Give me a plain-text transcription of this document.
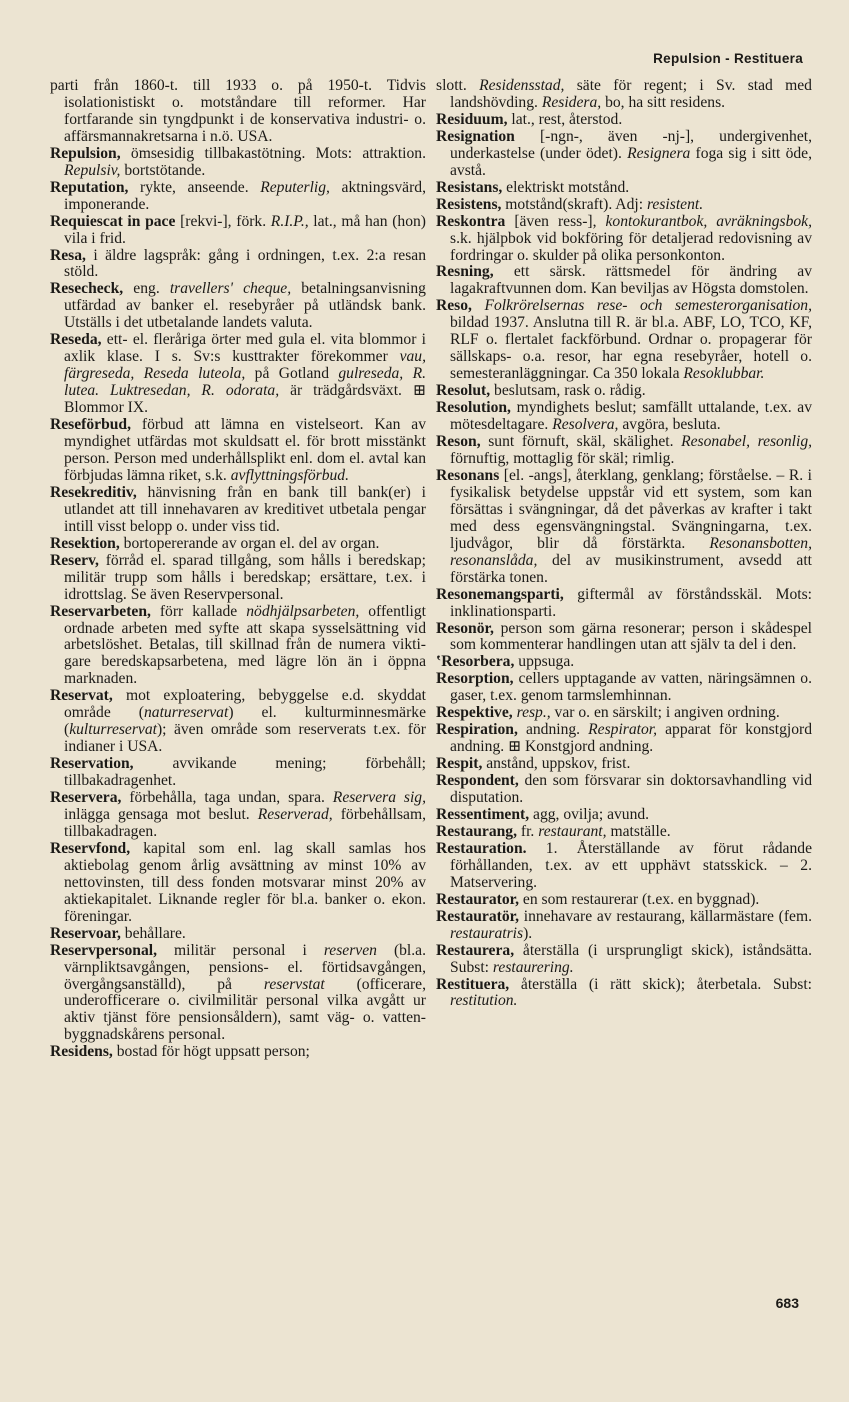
Repulsion - Restituera

parti från 1860-t. till 1933 o. på 1950-t. Tidvis isolationistiskt o. motståndare till reformer. Har fortfarande sin tyngdpunkt i de konservativa industri- o. affärsmannakretsarna i n.ö. USA.

Repulsion, ömsesidig tillbakastötning. Mots: attraktion. Repulsiv, bortstötande.

Reputation, rykte, anseende. Reputerlig, aktningsvärd, imponerande.

Requiescat in pace [rekvi-], förk. R.I.P., lat., må han (hon) vila i frid.

Resa, i äldre lagspråk: gång i ordningen, t.ex. 2:a resan stöld.

Resecheck, eng. travellers' cheque, betalningsanvisning utfärdad av banker el. resebyråer på utländsk bank. Utställs i det utbetalande landets valuta.

Reseda, ett- el. fleråriga örter med gula el. vita blommor i axlik klase. I s. Sv:s kusttrakter förekommer vau, färgreseda, Reseda luteola, på Gotland gulreseda, R. lutea. Luktresedan, R. odorata, är trädgårdsväxt. ⊞ Blommor IX.

Reseförbud, förbud att lämna en vistelseort. Kan av myndighet utfärdas mot skuldsatt el. för brott misstänkt person. Person med underhållsplikt enl. dom el. avtal kan förbjudas lämna riket, s.k. avflyttningsförbud.

Resekreditiv, hänvisning från en bank till bank(er) i utlandet att till innehavaren av kreditivet utbetala pengar intill visst belopp o. under viss tid.

Resektion, bortopererande av organ el. del av organ.

Reserv, förråd el. sparad tillgång, som hålls i beredskap; militär trupp som hålls i beredskap; ersättare, t.ex. i idrottslag. Se även Reservpersonal.

Reservarbeten, förr kallade nödhjälpsarbeten, offentligt ordnade arbeten med syfte att skapa sysselsättning vid arbetslöshet. Betalas, till skillnad från de numera viktigare beredskapsarbetena, med lägre lön än i öppna marknaden.

Reservat, mot exploatering, bebyggelse e.d. skyddat område (naturreservat) el. kulturminnesmärke (kulturreservat); även område som reserverats t.ex. för indianer i USA.

Reservation, avvikande mening; förbehåll; tillbakadragenhet.

Reservera, förbehålla, taga undan, spara. Reservera sig, inlägga gensaga mot beslut. Reserverad, förbehållsam, tillbakadragen.

Reservfond, kapital som enl. lag skall samlas hos aktiebolag genom årlig avsättning av minst 10% av nettovinsten, till dess fonden motsvarar minst 20% av aktiekapitalet. Liknande regler för bl.a. banker o. ekon. föreningar.

Reservoar, behållare.

Reservpersonal, militär personal i reserven (bl.a. värnpliktsavgången, pensions- el. förtidsavgången, övergångsanställd), på reservstat (officerare, underofficerare o. civilmilitär personal vilka avgått ur aktiv tjänst före pensionsåldern), samt väg- o. vattenbyggnadskårens personal.

Residens, bostad för högt uppsatt person;

slott. Residensstad, säte för regent; i Sv. stad med landshövding. Residera, bo, ha sitt residens.

Residuum, lat., rest, återstod.

Resignation [-ngn-, även -nj-], undergivenhet, underkastelse (under ödet). Resignera foga sig i sitt öde, avstå.

Resistans, elektriskt motstånd.

Resistens, motstånd(skraft). Adj: resistent.

Reskontra [även ress-], kontokurantbok, avräkningsbok, s.k. hjälpbok vid bokföring för detaljerad redovisning av fordringar o. skulder på olika personkonton.

Resning, ett särsk. rättsmedel för ändring av lagakraftvunnen dom. Kan beviljas av Högsta domstolen.

Reso, Folkrörelsernas rese- och semesterorganisation, bildad 1937. Anslutna till R. är bl.a. ABF, LO, TCO, KF, RLF o. flertalet fackförbund. Ordnar o. propagerar för sällskaps- o.a. resor, har egna resebyråer, hotell o. semesteranläggningar. Ca 350 lokala Resoklubbar.

Resolut, beslutsam, rask o. rådig.

Resolution, myndighets beslut; samfällt uttalande, t.ex. av mötesdeltagare. Resolvera, avgöra, besluta.

Reson, sunt förnuft, skäl, skälighet. Resonabel, resonlig, förnuftig, mottaglig för skäl; rimlig.

Resonans [el. -angs], återklang, genklang; förståelse. – R. i fysikalisk betydelse uppstår vid ett system, som kan försättas i svängningar, då det påverkas av krafter i takt med dess egensvängningstal. Svängningarna, t.ex. ljudvågor, blir då förstärkta. Resonansbotten, resonanslåda, del av musikinstrument, avsedd att förstärka tonen.

Resonemangsparti, giftermål av förståndsskäl. Mots: inklinationsparti.

Resonör, person som gärna resonerar; person i skådespel som kommenterar handlingen utan att själv ta del i den.

‛Resorbera, uppsuga.

Resorption, cellers upptagande av vatten, näringsämnen o. gaser, t.ex. genom tarmslemhinnan.

Respektive, resp., var o. en särskilt; i angiven ordning.

Respiration, andning. Respirator, apparat för konstgjord andning. ⊞ Konstgjord andning.

Respit, anstånd, uppskov, frist.

Respondent, den som försvarar sin doktorsavhandling vid disputation.

Ressentiment, agg, ovilja; avund.

Restaurang, fr. restaurant, matställe.

Restauration. 1. Återställande av förut rådande förhållanden, t.ex. av ett upphävt statsskick. – 2. Matservering.

Restaurator, en som restaurerar (t.ex. en byggnad).

Restauratör, innehavare av restaurang, källarmästare (fem. restauratris).

Restaurera, återställa (i ursprungligt skick), iståndsätta. Subst: restaurering.

Restituera, återställa (i rätt skick); återbetala. Subst: restitution.

683
